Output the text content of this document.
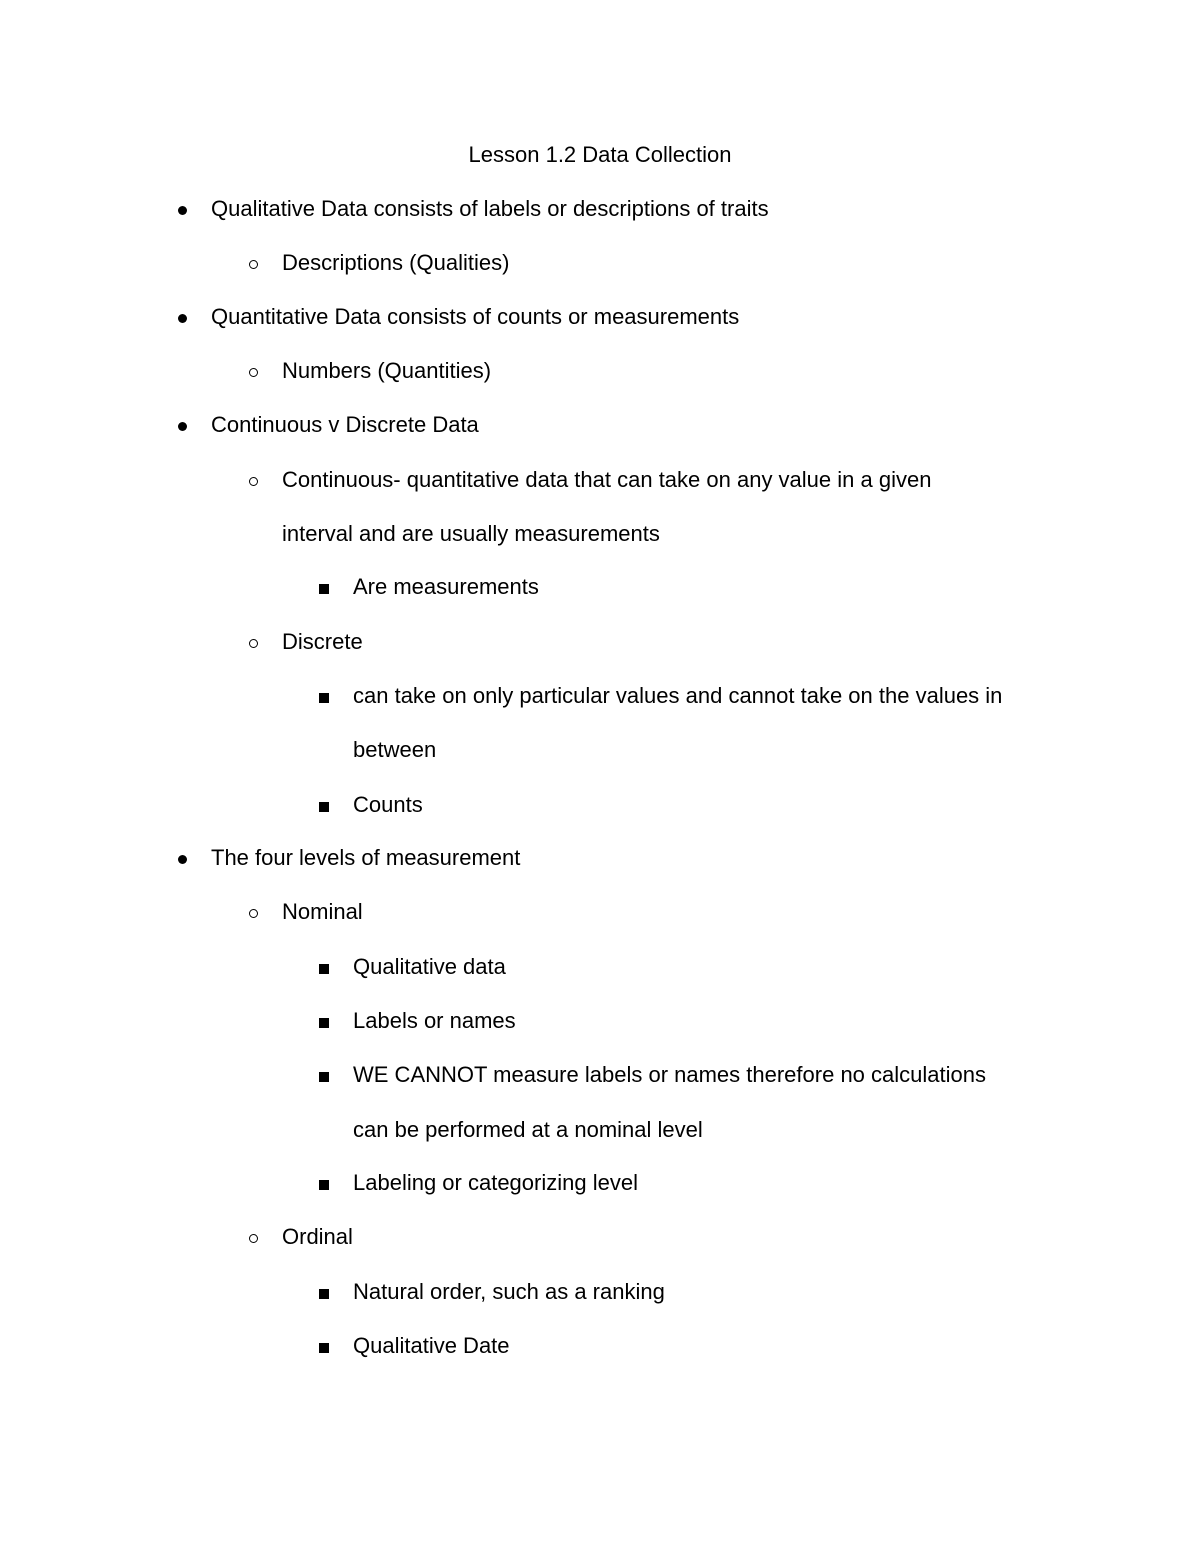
Lesson 1.2 Data Collection
Qualitative Data consists of labels or descriptions of traits
Descriptions (Qualities)
Quantitative Data consists of counts or measurements
Numbers (Quantities)
Continuous v Discrete Data
Continuous- quantitative data that can take on any value in a given
interval and are usually measurements
Are measurements
Discrete
can take on only particular values and cannot take on the values in
between
Counts
The four levels of measurement
Nominal
Qualitative data
Labels or names
WE CANNOT measure labels or names therefore no calculations
can be performed at a nominal level
Labeling or categorizing level
Ordinal
Natural order, such as a ranking
Qualitative Date
